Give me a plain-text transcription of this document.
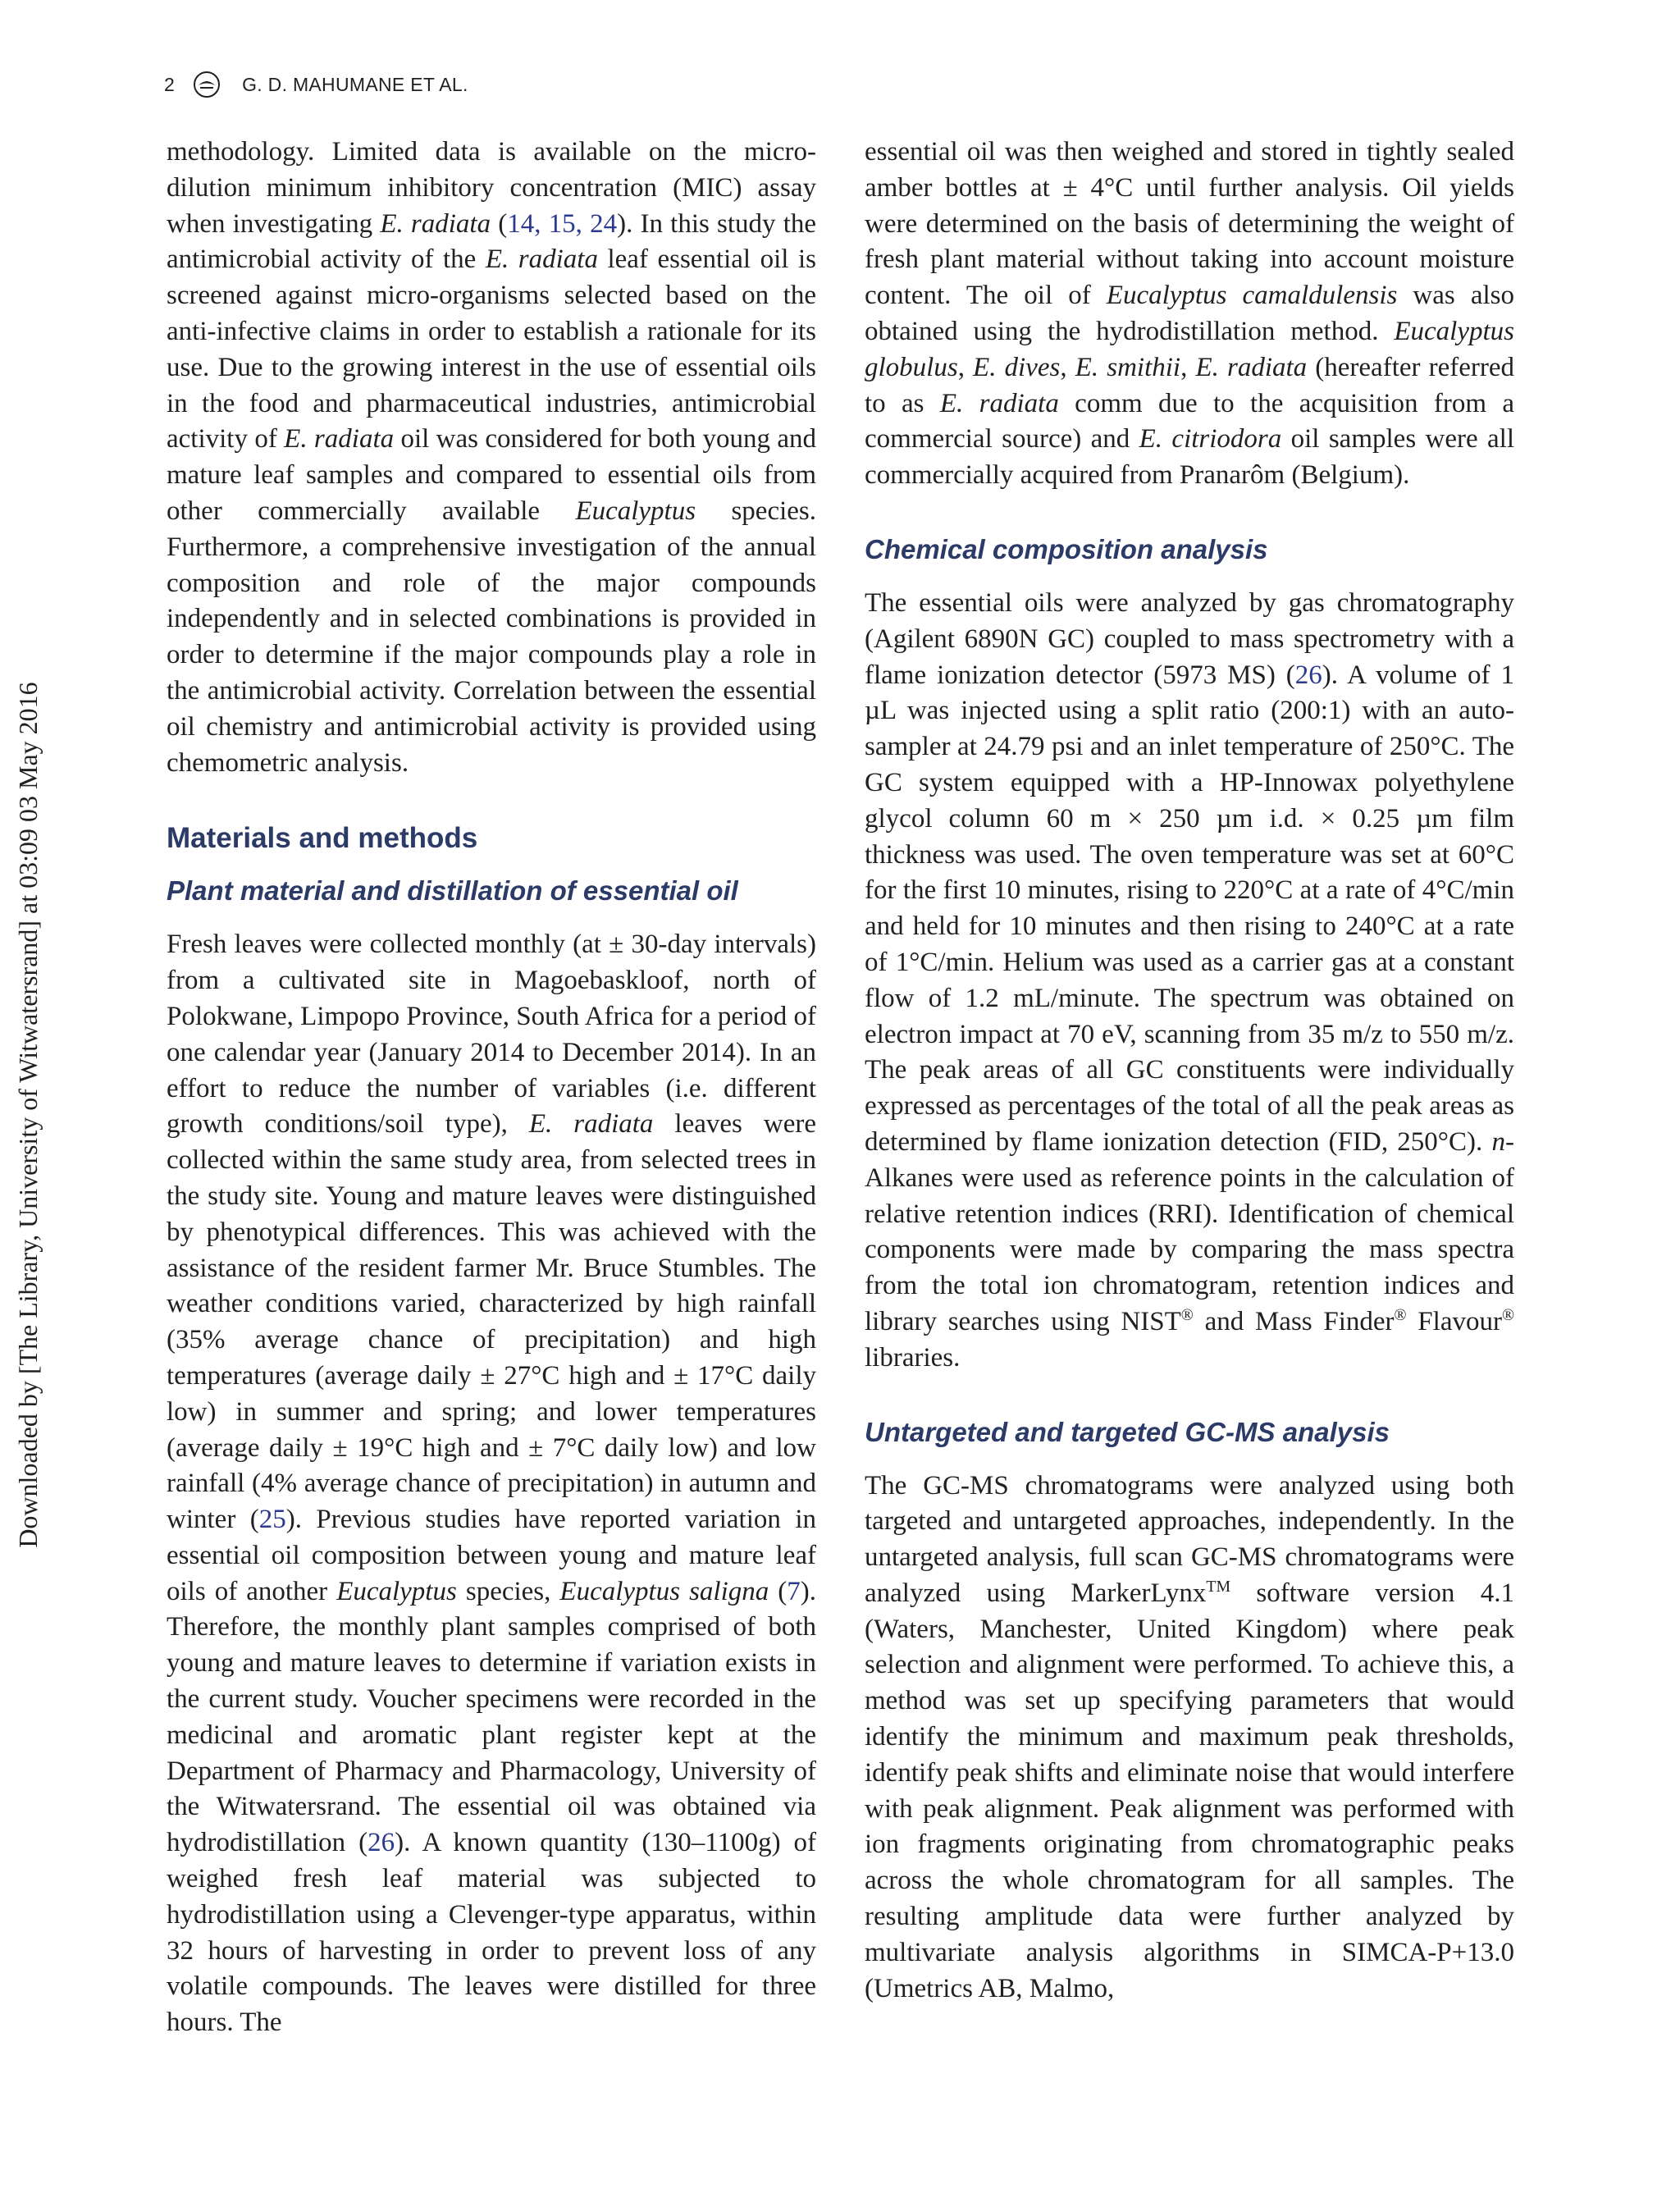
2	G. D. MAHUMANE ET AL.
Downloaded by [The Library, University of Witwatersrand] at 03:09 03 May 2016

methodology. Limited data is available on the micro-dilution minimum inhibitory concentration (MIC) assay when investigating E. radiata (14, 15, 24). In this study the antimicrobial activity of the E. radiata leaf essential oil is screened against micro-organisms selected based on the anti-infective claims in order to establish a rationale for its use. Due to the growing interest in the use of essential oils in the food and pharmaceutical industries, antimicrobial activity of E. radiata oil was considered for both young and mature leaf samples and compared to essential oils from other commercially available Eucalyptus species. Furthermore, a comprehensive investigation of the annual composition and role of the major compounds independently and in selected combinations is provided in order to determine if the major compounds play a role in the antimicrobial activity. Correlation between the essential oil chemistry and antimicrobial activity is provided using chemometric analysis.

Materials and methods
Plant material and distillation of essential oil

Fresh leaves were collected monthly (at ± 30-day intervals) from a cultivated site in Magoebaskloof, north of Polokwane, Limpopo Province, South Africa for a period of one calendar year (January 2014 to December 2014). In an effort to reduce the number of variables (i.e. different growth conditions/soil type), E. radiata leaves were collected within the same study area, from selected trees in the study site. Young and mature leaves were distinguished by phenotypical differences. This was achieved with the assistance of the resident farmer Mr. Bruce Stumbles. The weather conditions varied, characterized by high rainfall (35% average chance of precipitation) and high temperatures (average daily ± 27°C high and ± 17°C daily low) in summer and spring; and lower temperatures (average daily ± 19°C high and ± 7°C daily low) and low rainfall (4% average chance of precipitation) in autumn and winter (25). Previous studies have reported variation in essential oil composition between young and mature leaf oils of another Eucalyptus species, Eucalyptus saligna (7). Therefore, the monthly plant samples comprised of both young and mature leaves to determine if variation exists in the current study. Voucher specimens were recorded in the medicinal and aromatic plant register kept at the Department of Pharmacy and Pharmacology, University of the Witwatersrand. The essential oil was obtained via hydrodistillation (26). A known quantity (130–1100g) of weighed fresh leaf material was subjected to hydrodistillation using a Clevenger-type apparatus, within 32 hours of harvesting in order to prevent loss of any volatile compounds. The leaves were distilled for three hours. The

essential oil was then weighed and stored in tightly sealed amber bottles at ± 4°C until further analysis. Oil yields were determined on the basis of determining the weight of fresh plant material without taking into account moisture content. The oil of Eucalyptus camaldulensis was also obtained using the hydrodistillation method. Eucalyptus globulus, E. dives, E. smithii, E. radiata (hereafter referred to as E. radiata comm due to the acquisition from a commercial source) and E. citriodora oil samples were all commercially acquired from Pranarôm (Belgium).

Chemical composition analysis

The essential oils were analyzed by gas chromatography (Agilent 6890N GC) coupled to mass spectrometry with a flame ionization detector (5973 MS) (26). A volume of 1 µL was injected using a split ratio (200:1) with an auto-sampler at 24.79 psi and an inlet temperature of 250°C. The GC system equipped with a HP-Innowax polyethylene glycol column 60 m × 250 µm i.d. × 0.25 µm film thickness was used. The oven temperature was set at 60°C for the first 10 minutes, rising to 220°C at a rate of 4°C/min and held for 10 minutes and then rising to 240°C at a rate of 1°C/min. Helium was used as a carrier gas at a constant flow of 1.2 mL/minute. The spectrum was obtained on electron impact at 70 eV, scanning from 35 m/z to 550 m/z. The peak areas of all GC constituents were individually expressed as percentages of the total of all the peak areas as determined by flame ionization detection (FID, 250°C). n-Alkanes were used as reference points in the calculation of relative retention indices (RRI). Identification of chemical components were made by comparing the mass spectra from the total ion chromatogram, retention indices and library searches using NIST® and Mass Finder® Flavour® libraries.

Untargeted and targeted GC-MS analysis

The GC-MS chromatograms were analyzed using both targeted and untargeted approaches, independently. In the untargeted analysis, full scan GC-MS chromatograms were analyzed using MarkerLynx™ software version 4.1 (Waters, Manchester, United Kingdom) where peak selection and alignment were performed. To achieve this, a method was set up specifying parameters that would identify the minimum and maximum peak thresholds, identify peak shifts and eliminate noise that would interfere with peak alignment. Peak alignment was performed with ion fragments originating from chromatographic peaks across the whole chromatogram for all samples. The resulting amplitude data were further analyzed by multivariate analysis algorithms in SIMCA-P+13.0 (Umetrics AB, Malmo,
